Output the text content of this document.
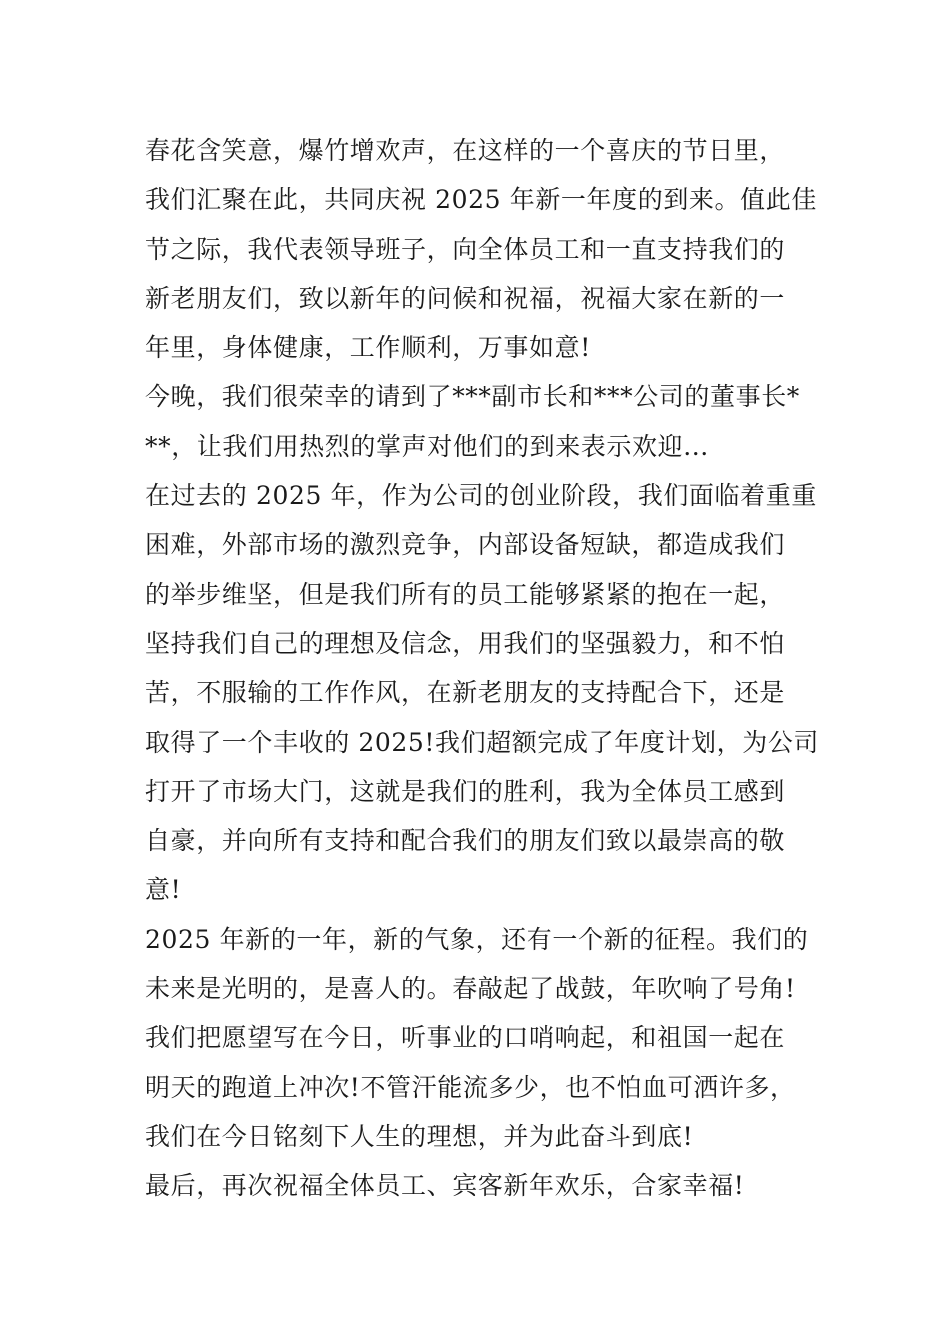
春花含笑意，爆竹增欢声，在这样的一个喜庆的节日里，
我们汇聚在此，共同庆祝 2025 年新一年度的到来。值此佳
节之际，我代表领导班子，向全体员工和一直支持我们的
新老朋友们，致以新年的问候和祝福，祝福大家在新的一
年里，身体健康，工作顺利，万事如意!
今晚，我们很荣幸的请到了***副市长和***公司的董事长*
**，让我们用热烈的掌声对他们的到来表示欢迎...
在过去的 2025 年，作为公司的创业阶段，我们面临着重重
困难，外部市场的激烈竞争，内部设备短缺，都造成我们
的举步维坚，但是我们所有的员工能够紧紧的抱在一起，
坚持我们自己的理想及信念，用我们的坚强毅力，和不怕
苦，不服输的工作作风，在新老朋友的支持配合下，还是
取得了一个丰收的 2025!我们超额完成了年度计划，为公司
打开了市场大门，这就是我们的胜利，我为全体员工感到
自豪，并向所有支持和配合我们的朋友们致以最崇高的敬
意!
2025 年新的一年，新的气象，还有一个新的征程。我们的
未来是光明的，是喜人的。春敲起了战鼓，年吹响了号角!
我们把愿望写在今日，听事业的口哨响起，和祖国一起在
明天的跑道上冲次!不管汗能流多少，也不怕血可洒许多，
我们在今日铭刻下人生的理想，并为此奋斗到底!
最后，再次祝福全体员工、宾客新年欢乐，合家幸福!
